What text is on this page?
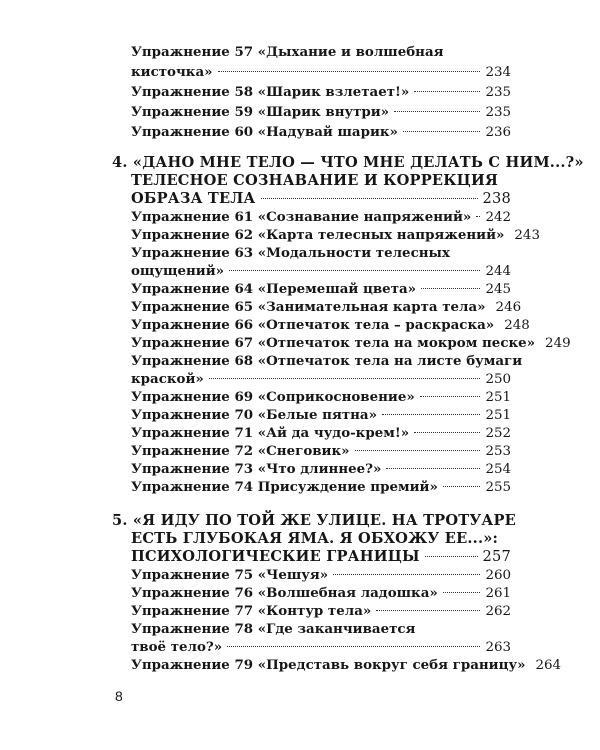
Упражнение 57 «Дыхание и волшебная
кисточка»	234
Упражнение 58 «Шарик взлетает!»	235
Упражнение 59 «Шарик внутри»	235
Упражнение 60 «Надувай шарик»	236
4. «ДАНО МНЕ ТЕЛО — ЧТО МНЕ ДЕЛАТЬ С НИМ...?»
ТЕЛЕСНОЕ СОЗНАВАНИЕ И КОРРЕКЦИЯ
ОБРАЗА ТЕЛА	238
Упражнение 61 «Сознавание напряжений» 242
Упражнение 62 «Карта телесных напряжений» 243
Упражнение 63 «Модальности телесных
ощущений»	244
Упражнение 64 «Перемешай цвета»	245
Упражнение 65 «Занимательная карта тела» 246
Упражнение 66 «Отпечаток тела – раскраска» 248
Упражнение 67 «Отпечаток тела на мокром песке» 249
Упражнение 68 «Отпечаток тела на листе бумаги
краской»	250
Упражнение 69 «Соприкосновение»	251
Упражнение 70 «Белые пятна»	251
Упражнение 71 «Ай да чудо-крем!»	252
Упражнение 72 «Снеговик»	253
Упражнение 73 «Что длиннее?»	254
Упражнение 74 Присуждение премий»	255
5. «Я ИДУ ПО ТОЙ ЖЕ УЛИЦЕ. НА ТРОТУАРЕ
ЕСТЬ ГЛУБОКАЯ ЯМА. Я ОБХОЖУ ЕЕ...»:
ПСИХОЛОГИЧЕСКИЕ ГРАНИЦЫ	257
Упражнение 75 «Чешуя»	260
Упражнение 76 «Волшебная ладошка»	261
Упражнение 77 «Контур тела»	262
Упражнение 78 «Где заканчивается
твоё тело?»	263
Упражнение 79 «Представь вокруг себя границу» 264
8
